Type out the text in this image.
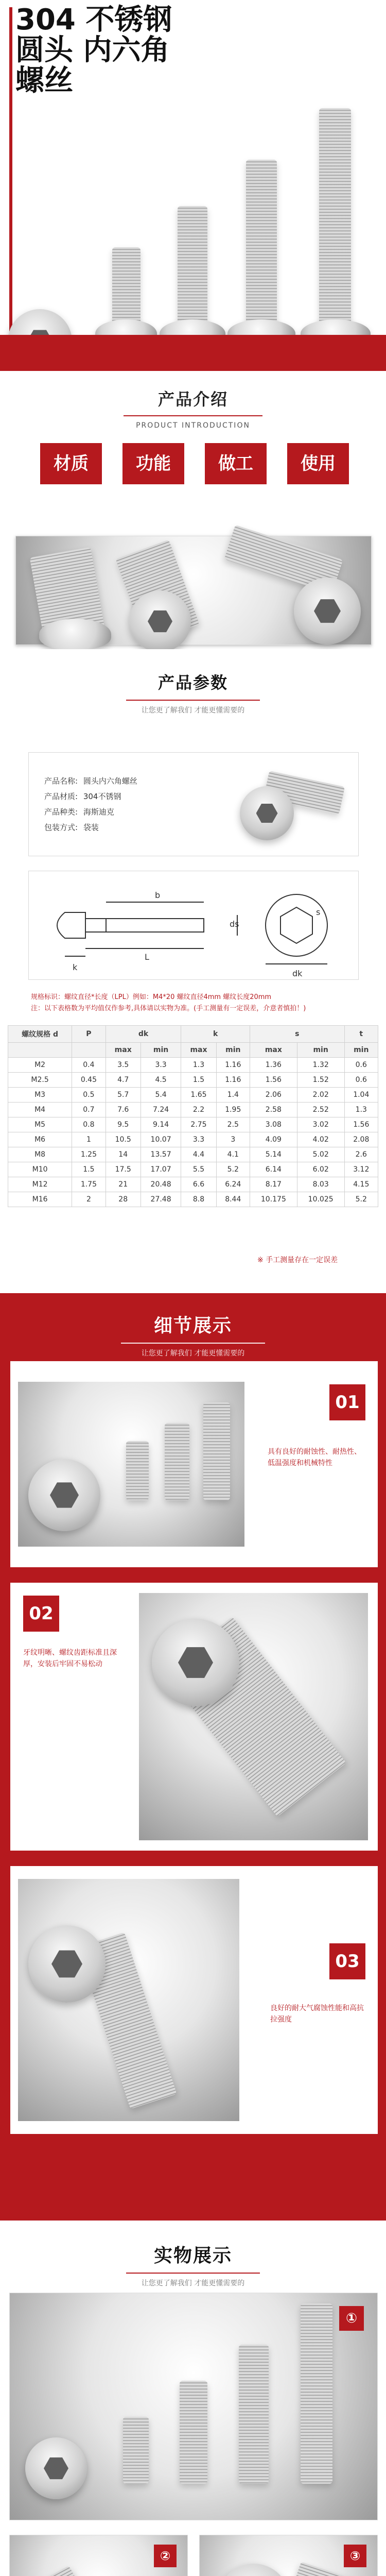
304 不锈钢
圆头 内六角
螺丝
产品介绍
PRODUCT INTRODUCTION
材质	功能	做工	使用
产品参数
让您更了解我们 才能更懂需要的
产品名称: 圆头内六角螺丝
产品材质: 304不锈钢
产品种类: 海斯迪克
包装方式: 袋装
L
b
k
dk
ds
s
规格标识：螺纹直径*长度（LPL）例如：M4*20 螺纹直径4mm 螺纹长度20mm
注：以下表格数为平均值仅作参考,具体请以实物为准。(手工测量有一定误差，介意者慎拍！)
螺纹规格 d	P	dk		k		s		t
		max	min	max	min	max	min	min
M2	0.4	3.5	3.3	1.3	1.16	1.36	1.32	0.6
M2.5	0.45	4.7	4.5	1.5	1.16	1.56	1.52	0.6
M3	0.5	5.7	5.4	1.65	1.4	2.06	2.02	1.04
M4	0.7	7.6	7.24	2.2	1.95	2.58	2.52	1.3
M5	0.8	9.5	9.14	2.75	2.5	3.08	3.02	1.56
M6	1	10.5	10.07	3.3	3	4.09	4.02	2.08
M8	1.25	14	13.57	4.4	4.1	5.14	5.02	2.6
M10	1.5	17.5	17.07	5.5	5.2	6.14	6.02	3.12
M12	1.75	21	20.48	6.6	6.24	8.17	8.03	4.15
M16	2	28	27.48	8.8	8.44	10.175	10.025	5.2
※ 手工测量存在一定误差
细节展示
让您更了解我们 才能更懂需要的
01
具有良好的耐蚀性、耐热性、低温强度和机械特性
02
牙纹明晰、螺纹齿距标准且深厚，安装后牢固不易松动
03
良好的耐大气腐蚀性能和高抗拉强度
实物展示
让您更了解我们 才能更懂需要的
①
②	③
